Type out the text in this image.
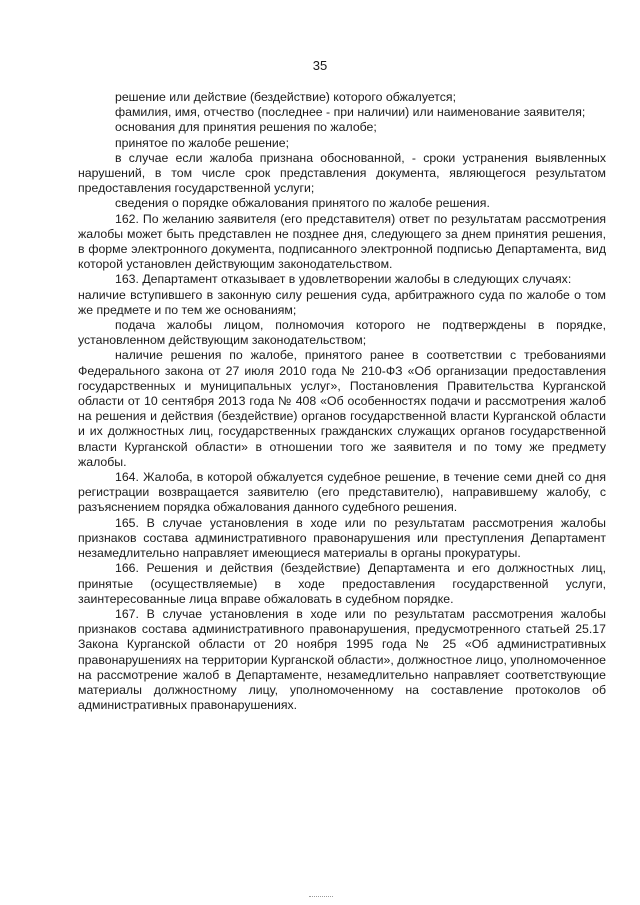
35

решение или действие (бездействие) которого обжалуется;

фамилия, имя, отчество (последнее - при наличии) или наименование заявителя;

основания для принятия решения по жалобе;

принятое по жалобе решение;

в случае если жалоба признана обоснованной, - сроки устранения выявленных нарушений, в том числе срок представления документа, являющегося результатом предоставления государственной услуги;

сведения о порядке обжалования принятого по жалобе решения.

162. По желанию заявителя (его представителя) ответ по результатам рассмотрения жалобы может быть представлен не позднее дня, следующего за днем принятия решения, в форме электронного документа, подписанного электронной подписью Департамента, вид которой установлен действующим законодательством.

163. Департамент отказывает в удовлетворении жалобы в следующих случаях:

наличие вступившего в законную силу решения суда, арбитражного суда по жалобе о том же предмете и по тем же основаниям;

подача жалобы лицом, полномочия которого не подтверждены в порядке, установленном действующим законодательством;

наличие решения по жалобе, принятого ранее в соответствии с требованиями Федерального закона от 27 июля 2010 года № 210-ФЗ «Об организации предоставления государственных и муниципальных услуг», Постановления Правительства Курганской области от 10 сентября 2013 года № 408 «Об особенностях подачи и рассмотрения жалоб на решения и действия (бездействие) органов государственной власти Курганской области и их должностных лиц, государственных гражданских служащих органов государственной власти Курганской области» в отношении того же заявителя и по тому же предмету жалобы.

164. Жалоба, в которой обжалуется судебное решение, в течение семи дней со дня регистрации возвращается заявителю (его представителю), направившему жалобу, с разъяснением порядка обжалования данного судебного решения.

165. В случае установления в ходе или по результатам рассмотрения жалобы признаков состава административного правонарушения или преступления Департамент незамедлительно направляет имеющиеся материалы в органы прокуратуры.

166. Решения и действия (бездействие) Департамента и его должностных лиц, принятые (осуществляемые) в ходе предоставления государственной услуги, заинтересованные лица вправе обжаловать в судебном порядке.

167. В случае установления в ходе или по результатам рассмотрения жалобы признаков состава административного правонарушения, предусмотренного статьей 25.17 Закона Курганской области от 20 ноября 1995 года № 25 «Об административных правонарушениях на территории Курганской области», должностное лицо, уполномоченное на рассмотрение жалоб в Департаменте, незамедлительно направляет соответствующие материалы должностному лицу, уполномоченному на составление протоколов об административных правонарушениях.
